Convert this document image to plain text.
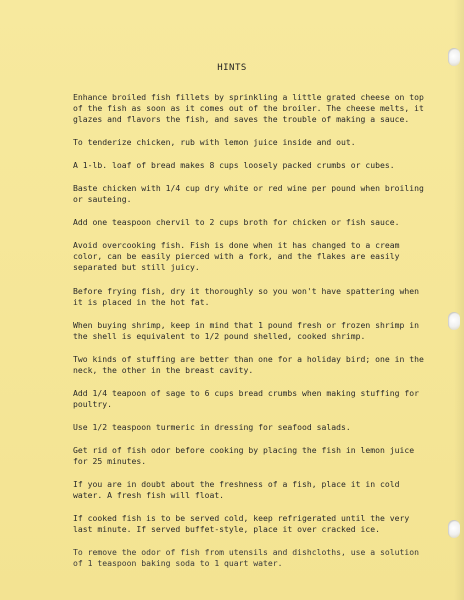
HINTS

Enhance broiled fish fillets by sprinkling a little grated cheese on top of the fish as soon as it comes out of the broiler. The cheese melts, it glazes and flavors the fish, and saves the trouble of making a sauce.

To tenderize chicken, rub with lemon juice inside and out.

A 1-lb. loaf of bread makes 8 cups loosely packed crumbs or cubes.

Baste chicken with 1/4 cup dry white or red wine per pound when broiling or sauteing.

Add one teaspoon chervil to 2 cups broth for chicken or fish sauce.

Avoid overcooking fish. Fish is done when it has changed to a cream color, can be easily pierced with a fork, and the flakes are easily separated but still juicy.

Before frying fish, dry it thoroughly so you won't have spattering when it is placed in the hot fat.

When buying shrimp, keep in mind that 1 pound fresh or frozen shrimp in the shell is equivalent to 1/2 pound shelled, cooked shrimp.

Two kinds of stuffing are better than one for a holiday bird; one in the neck, the other in the breast cavity.

Add 1/4 teapoon of sage to 6 cups bread crumbs when making stuffing for poultry.

Use 1/2 teaspoon turmeric in dressing for seafood salads.

Get rid of fish odor before cooking by placing the fish in lemon juice for 25 minutes.

If you are in doubt about the freshness of a fish, place it in cold water. A fresh fish will float.

If cooked fish is to be served cold, keep refrigerated until the very last minute. If served buffet-style, place it over cracked ice.

To remove the odor of fish from utensils and dishcloths, use a solution of 1 teaspoon baking soda to 1 quart water.
